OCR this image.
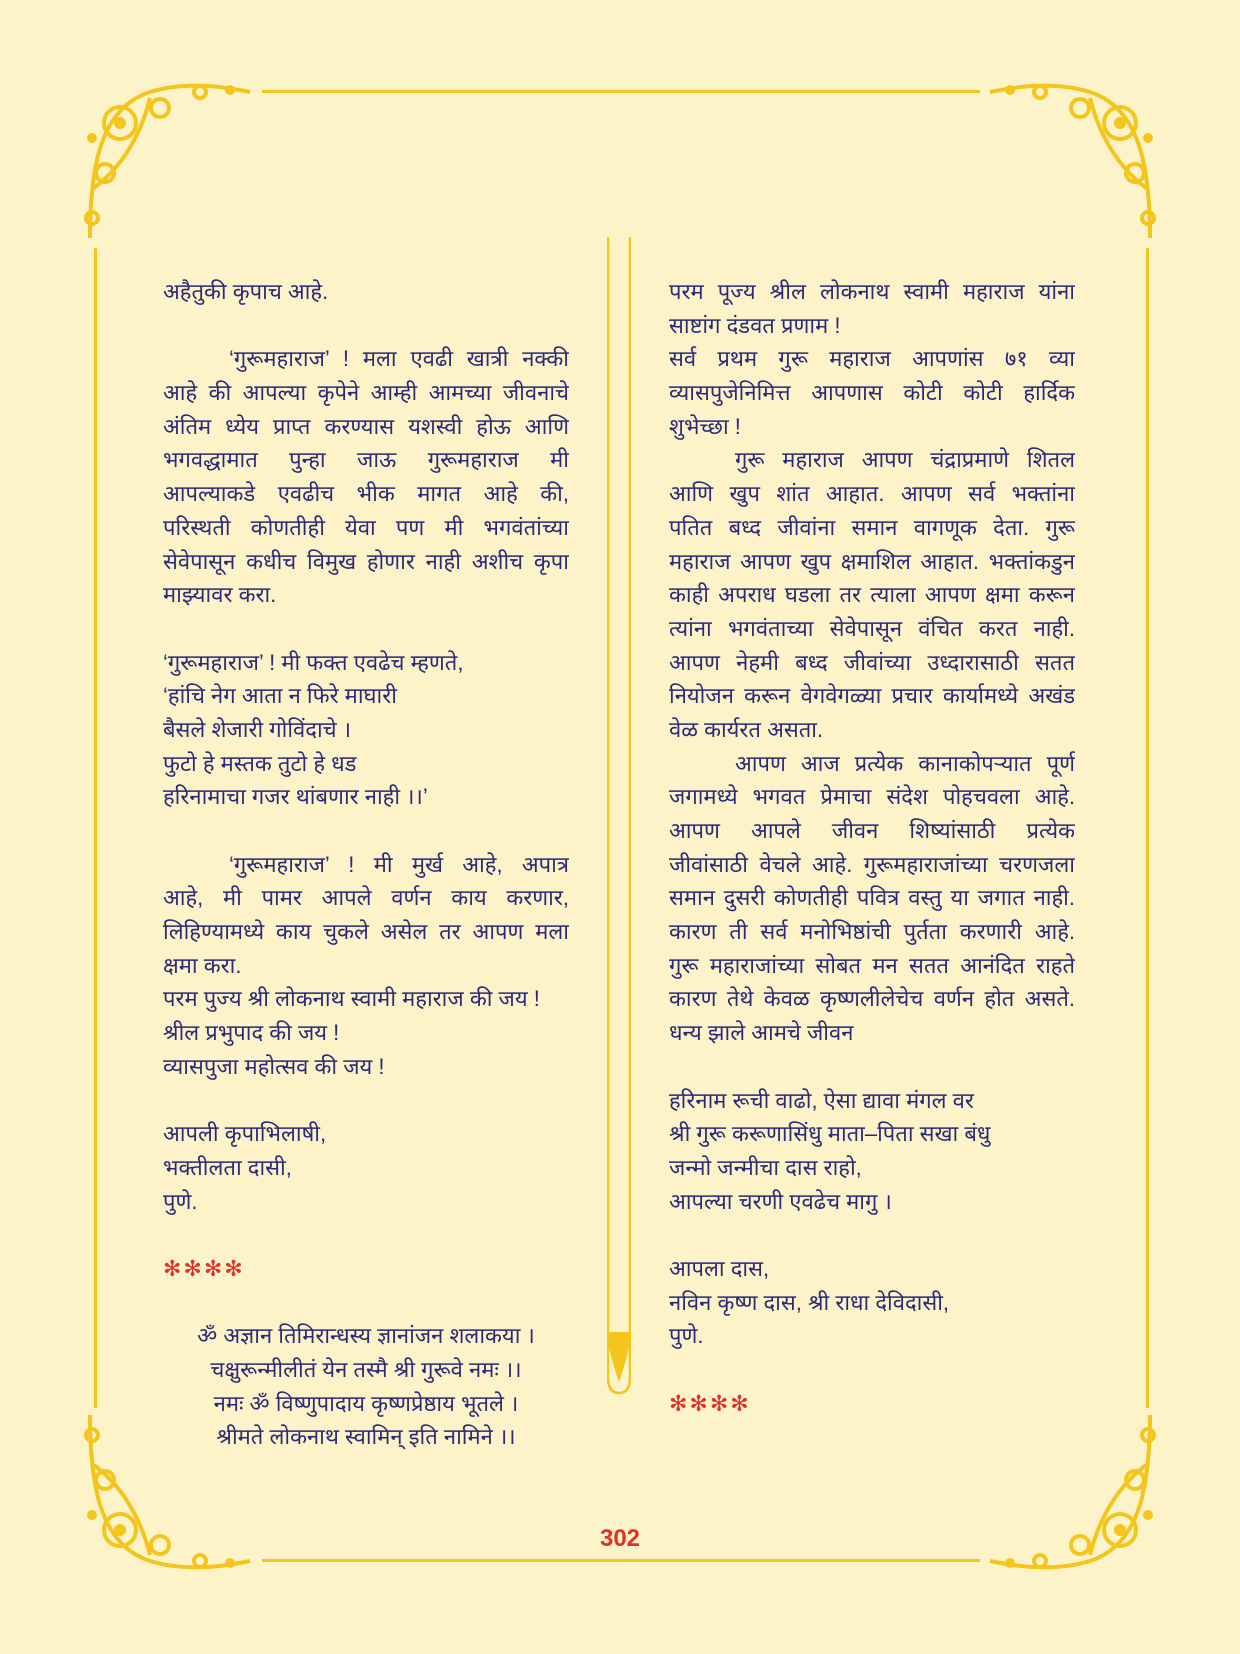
अहैतुकी कृपाच आहे.
‘गुरूमहाराज’ ! मला एवढी खात्री नक्की
आहे की आपल्या कृपेने आम्ही आमच्या जीवनाचे
अंतिम ध्येय प्राप्त करण्यास यशस्वी होऊ आणि
भगवद्धामात पुन्हा जाऊ गुरूमहाराज मी
आपल्याकडे एवढीच भीक मागत आहे की,
परिस्थती कोणतीही येवा पण मी भगवंतांच्या
सेवेपासून कधीच विमुख होणार नाही अशीच कृपा
माझ्यावर करा.
‘गुरूमहाराज’ ! मी फक्त एवढेच म्हणते,
‘हांचि नेग आता न फिरे माघारी
बैसले शेजारी गोविंदाचे ।
फुटो हे मस्तक तुटो हे धड
हरिनामाचा गजर थांबणार नाही ।।’
‘गुरूमहाराज’ ! मी मुर्ख आहे, अपात्र
आहे, मी पामर आपले वर्णन काय करणार,
लिहिण्यामध्ये काय चुकले असेल तर आपण मला
क्षमा करा.
परम पुज्य श्री लोकनाथ स्वामी महाराज की जय !
श्रील प्रभुपाद की जय !
व्यासपुजा महोत्सव की जय !
आपली कृपाभिलाषी,
भक्तीलता दासी,
पुणे.
✻✻✻✻
ॐ अज्ञान तिमिरान्धस्य ज्ञानांजन शलाकया ।
चक्षुरून्मीलीतं येन तस्मै श्री गुरूवे नमः ।।
नमः ॐ विष्णुपादाय कृष्णप्रेष्ठाय भूतले ।
श्रीमते लोकनाथ स्वामिन् इति नामिने ।।
परम पूज्य श्रील लोकनाथ स्वामी महाराज यांना
साष्टांग दंडवत प्रणाम !
सर्व प्रथम गुरू महाराज आपणांस ७१ व्या
व्यासपुजेनिमित्त आपणास कोटी कोटी हार्दिक
शुभेच्छा !
गुरू महाराज आपण चंद्राप्रमाणे शितल
आणि खुप शांत आहात. आपण सर्व भक्तांना
पतित बध्द जीवांना समान वागणूक देता. गुरू
महाराज आपण खुप क्षमाशिल आहात. भक्तांकडुन
काही अपराध घडला तर त्याला आपण क्षमा करून
त्यांना भगवंताच्या सेवेपासून वंचित करत नाही.
आपण नेहमी बध्द जीवांच्या उध्दारासाठी सतत
नियोजन करून वेगवेगळ्या प्रचार कार्यामध्ये अखंड
वेळ कार्यरत असता.
आपण आज प्रत्येक कानाकोपऱ्यात पूर्ण
जगामध्ये भगवत प्रेमाचा संदेश पोहचवला आहे.
आपण आपले जीवन शिष्यांसाठी प्रत्येक
जीवांसाठी वेचले आहे. गुरूमहाराजांच्या चरणजला
समान दुसरी कोणतीही पवित्र वस्तु या जगात नाही.
कारण ती सर्व मनोभिष्ठांची पुर्तता करणारी आहे.
गुरू महाराजांच्या सोबत मन सतत आनंदित राहते
कारण तेथे केवळ कृष्णलीलेचेच वर्णन होत असते.
धन्य झाले आमचे जीवन
हरिनाम रूची वाढो, ऐसा द्यावा मंगल वर
श्री गुरू करूणासिंधु माता–पिता सखा बंधु
जन्मो जन्मीचा दास राहो,
आपल्या चरणी एवढेच मागु ।
आपला दास,
नविन कृष्ण दास, श्री राधा देविदासी,
पुणे.
✻✻✻✻
302
